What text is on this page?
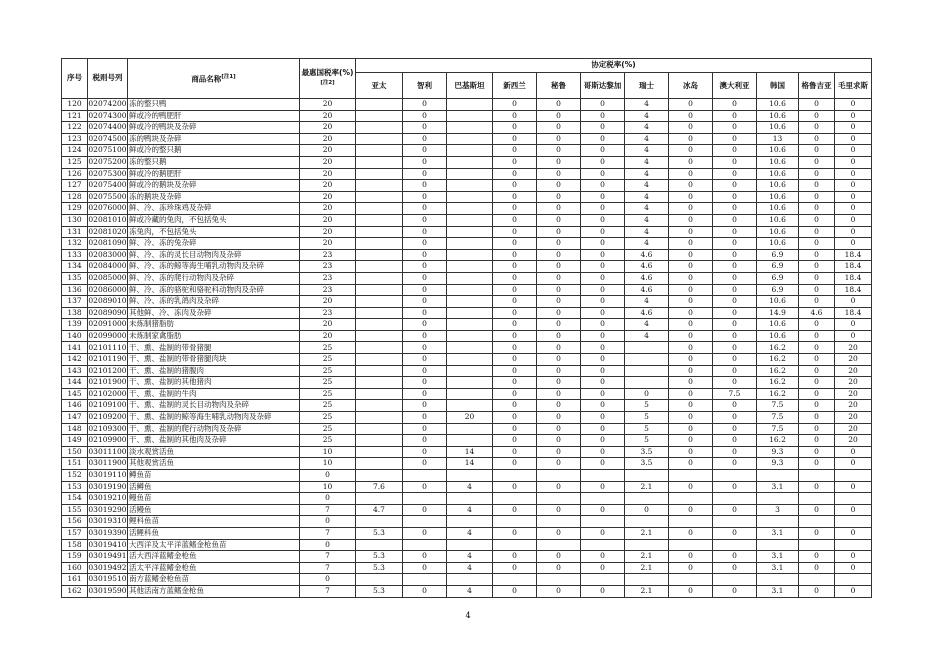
序号	税则号列	商品名称[注1]	最惠国税率(%)[注2]	协定税率(%)											
				亚太	智利	巴基斯坦	新西兰	秘鲁	哥斯达黎加	瑞士	冰岛	澳大利亚	韩国	格鲁吉亚	毛里求斯
120	02074200	冻的整只鸭	20		0		0	0	0	4	0	0	10.6	0	0
121	02074300	鲜或冷的鸭肥肝	20		0		0	0	0	4	0	0	10.6	0	0
122	02074400	鲜或冷的鸭块及杂碎	20		0		0	0	0	4	0	0	10.6	0	0
123	02074500	冻的鸭块及杂碎	20		0		0	0	0	4	0	0	13	0	0
124	02075100	鲜或冷的整只鹅	20		0		0	0	0	4	0	0	10.6	0	0
125	02075200	冻的整只鹅	20		0		0	0	0	4	0	0	10.6	0	0
126	02075300	鲜或冷的鹅肥肝	20		0		0	0	0	4	0	0	10.6	0	0
127	02075400	鲜或冷的鹅块及杂碎	20		0		0	0	0	4	0	0	10.6	0	0
128	02075500	冻的鹅块及杂碎	20		0		0	0	0	4	0	0	10.6	0	0
129	02076000	鲜、冷、冻珍珠鸡及杂碎	20		0		0	0	0	4	0	0	10.6	0	0
130	02081010	鲜或冷藏的兔肉，不包括兔头	20		0		0	0	0	4	0	0	10.6	0	0
131	02081020	冻兔肉，不包括兔头	20		0		0	0	0	4	0	0	10.6	0	0
132	02081090	鲜、冷、冻的兔杂碎	20		0		0	0	0	4	0	0	10.6	0	0
133	02083000	鲜、冷、冻的灵长目动物肉及杂碎	23		0		0	0	0	4.6	0	0	6.9	0	18.4
134	02084000	鲜、冷、冻的鲸等海生哺乳动物肉及杂碎	23		0		0	0	0	4.6	0	0	6.9	0	18.4
135	02085000	鲜、冷、冻的爬行动物肉及杂碎	23		0		0	0	0	4.6	0	0	6.9	0	18.4
136	02086000	鲜、冷、冻的骆驼和骆驼科动物肉及杂碎	23		0		0	0	0	4.6	0	0	6.9	0	18.4
137	02089010	鲜、冷、冻的乳鸽肉及杂碎	20		0		0	0	0	4	0	0	10.6	0	0
138	02089090	其他鲜、冷、冻肉及杂碎	23		0		0	0	0	4.6	0	0	14.9	4.6	18.4
139	02091000	未炼制猪脂肪	20		0		0	0	0	4	0	0	10.6	0	0
140	02099000	未炼制家禽脂肪	20		0		0	0	0	4	0	0	10.6	0	0
141	02101110	干、熏、盐制的带骨猪腿	25		0		0	0	0		0	0	16.2	0	20
142	02101190	干、熏、盐制的带骨猪腿肉块	25		0		0	0	0		0	0	16.2	0	20
143	02101200	干、熏、盐制的猪腹肉	25		0		0	0	0		0	0	16.2	0	20
144	02101900	干、熏、盐制的其他猪肉	25		0		0	0	0		0	0	16.2	0	20
145	02102000	干、熏、盐制的牛肉	25		0		0	0	0	0	0	7.5	16.2	0	20
146	02109100	干、熏、盐制的灵长目动物肉及杂碎	25		0		0	0	0	5	0	0	7.5	0	20
147	02109200	干、熏、盐制的鲸等海生哺乳动物肉及杂碎	25		0	20	0	0	0	5	0	0	7.5	0	20
148	02109300	干、熏、盐制的爬行动物肉及杂碎	25		0		0	0	0	5	0	0	7.5	0	20
149	02109900	干、熏、盐制的其他肉及杂碎	25		0		0	0	0	5	0	0	16.2	0	20
150	03011100	淡水观赏活鱼	10		0	14	0	0	0	3.5	0	0	9.3	0	0
151	03011900	其他观赏活鱼	10		0	14	0	0	0	3.5	0	0	9.3	0	0
152	03019110	鳟鱼苗	0												
153	03019190	活鳟鱼	10	7.6	0	4	0	0	0	2.1	0	0	3.1	0	0
154	03019210	鳗鱼苗	0												
155	03019290	活鳗鱼	7	4.7	0	4	0	0	0	0	0	0	3	0	0
156	03019310	鲤科鱼苗	0												
157	03019390	活鲤科鱼	7	5.3	0	4	0	0	0	2.1	0	0	3.1	0	0
158	03019410	大西洋及太平洋蓝鳍金枪鱼苗	0												
159	03019491	活大西洋蓝鳍金枪鱼	7	5.3	0	4	0	0	0	2.1	0	0	3.1	0	0
160	03019492	活太平洋蓝鳍金枪鱼	7	5.3	0	4	0	0	0	2.1	0	0	3.1	0	0
161	03019510	南方蓝鳍金枪鱼苗	0												
162	03019590	其他活南方蓝鳍金枪鱼	7	5.3	0	4	0	0	0	2.1	0	0	3.1	0	0
4
